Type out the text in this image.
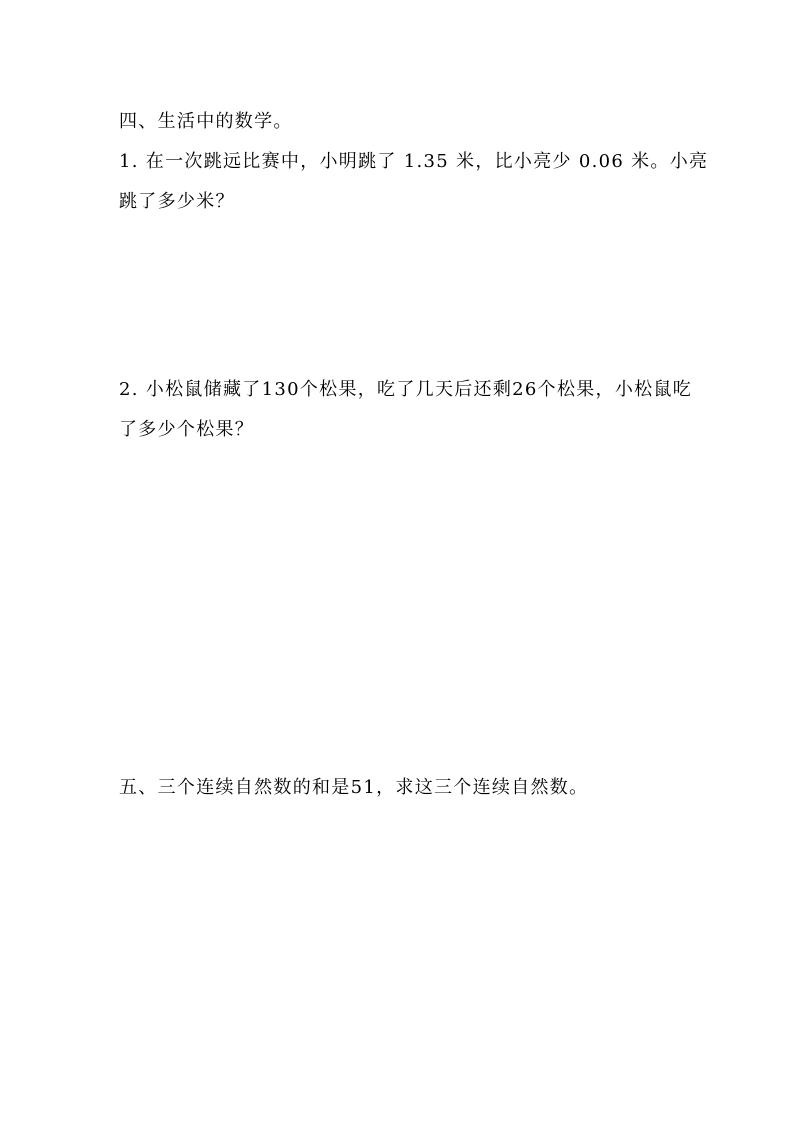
四、生活中的数学。
1. 在一次跳远比赛中，小明跳了 1.35 米，比小亮少 0.06 米。小亮
跳了多少米？
2. 小松鼠储藏了130个松果，吃了几天后还剩26个松果，小松鼠吃
了多少个松果？
五、三个连续自然数的和是51，求这三个连续自然数。
